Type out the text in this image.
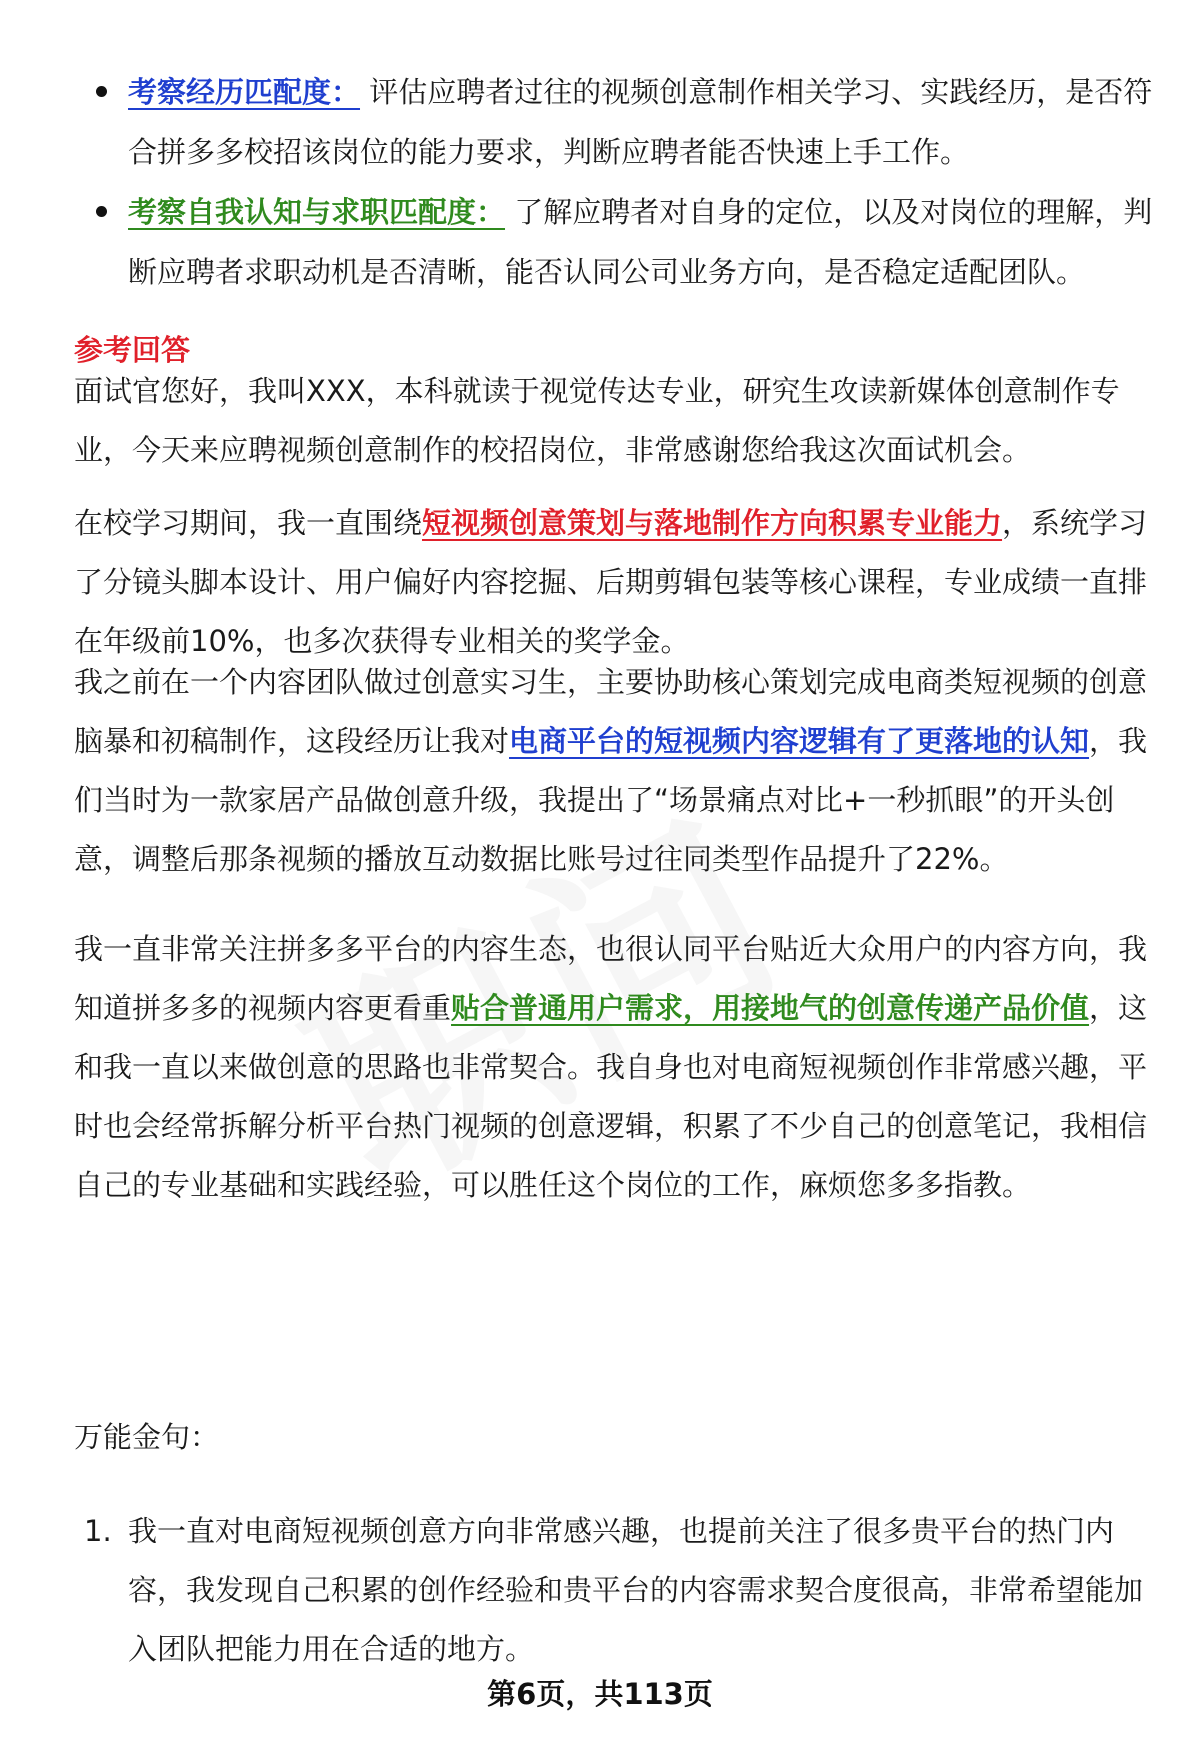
考察经历匹配度： 评估应聘者过往的视频创意制作相关学习、实践经历，是否符合拼多多校招该岗位的能力要求，判断应聘者能否快速上手工作。
考察自我认知与求职匹配度： 了解应聘者对自身的定位，以及对岗位的理解，判断应聘者求职动机是否清晰，能否认同公司业务方向，是否稳定适配团队。
参考回答

面试官您好，我叫XXX，本科就读于视觉传达专业，研究生攻读新媒体创意制作专业，今天来应聘视频创意制作的校招岗位，非常感谢您给我这次面试机会。

在校学习期间，我一直围绕短视频创意策划与落地制作方向积累专业能力，系统学习了分镜头脚本设计、用户偏好内容挖掘、后期剪辑包装等核心课程，专业成绩一直排在年级前10%，也多次获得专业相关的奖学金。

我之前在一个内容团队做过创意实习生，主要协助核心策划完成电商类短视频的创意脑暴和初稿制作，这段经历让我对电商平台的短视频内容逻辑有了更落地的认知，我们当时为一款家居产品做创意升级，我提出了“场景痛点对比+一秒抓眼”的开头创意，调整后那条视频的播放互动数据比账号过往同类型作品提升了22%。

我一直非常关注拼多多平台的内容生态，也很认同平台贴近大众用户的内容方向，我知道拼多多的视频内容更看重贴合普通用户需求，用接地气的创意传递产品价值，这和我一直以来做创意的思路也非常契合。我自身也对电商短视频创作非常感兴趣，平时也会经常拆解分析平台热门视频的创意逻辑，积累了不少自己的创意笔记，我相信自己的专业基础和实践经验，可以胜任这个岗位的工作，麻烦您多多指教。

万能金句：

1. 我一直对电商短视频创意方向非常感兴趣，也提前关注了很多贵平台的热门内容，我发现自己积累的创作经验和贵平台的内容需求契合度很高，非常希望能加入团队把能力用在合适的地方。
第6页，共113页
